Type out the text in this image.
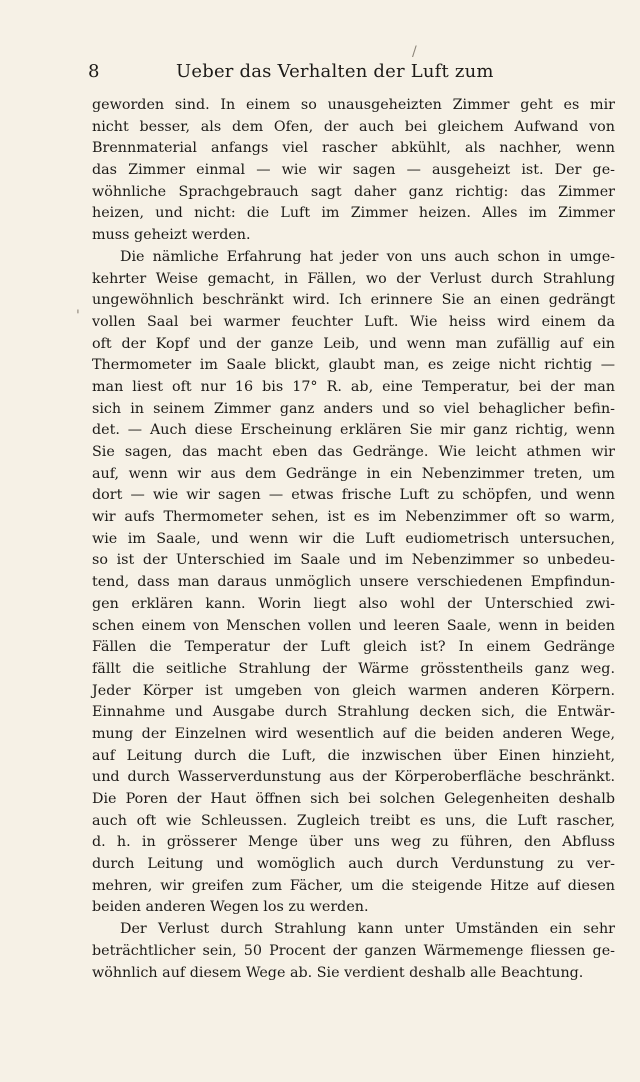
/
'
8	Ueber das Verhalten der Luft zum
geworden sind. In einem so unausgeheizten Zimmer geht es mir
nicht besser, als dem Ofen, der auch bei gleichem Aufwand von
Brennmaterial anfangs viel rascher abkühlt, als nachher, wenn
das Zimmer einmal — wie wir sagen — ausgeheizt ist. Der ge-
wöhnliche Sprachgebrauch sagt daher ganz richtig: das Zimmer
heizen, und nicht: die Luft im Zimmer heizen. Alles im Zimmer
muss geheizt werden.
Die nämliche Erfahrung hat jeder von uns auch schon in umge-
kehrter Weise gemacht, in Fällen, wo der Verlust durch Strahlung
ungewöhnlich beschränkt wird. Ich erinnere Sie an einen gedrängt
vollen Saal bei warmer feuchter Luft. Wie heiss wird einem da
oft der Kopf und der ganze Leib, und wenn man zufällig auf ein
Thermometer im Saale blickt, glaubt man, es zeige nicht richtig —
man liest oft nur 16 bis 17° R. ab, eine Temperatur, bei der man
sich in seinem Zimmer ganz anders und so viel behaglicher befin-
det. — Auch diese Erscheinung erklären Sie mir ganz richtig, wenn
Sie sagen, das macht eben das Gedränge. Wie leicht athmen wir
auf, wenn wir aus dem Gedränge in ein Nebenzimmer treten, um
dort — wie wir sagen — etwas frische Luft zu schöpfen, und wenn
wir aufs Thermometer sehen, ist es im Nebenzimmer oft so warm,
wie im Saale, und wenn wir die Luft eudiometrisch untersuchen,
so ist der Unterschied im Saale und im Nebenzimmer so unbedeu-
tend, dass man daraus unmöglich unsere verschiedenen Empfindun-
gen erklären kann. Worin liegt also wohl der Unterschied zwi-
schen einem von Menschen vollen und leeren Saale, wenn in beiden
Fällen die Temperatur der Luft gleich ist? In einem Gedränge
fällt die seitliche Strahlung der Wärme grösstentheils ganz weg.
Jeder Körper ist umgeben von gleich warmen anderen Körpern.
Einnahme und Ausgabe durch Strahlung decken sich, die Entwär-
mung der Einzelnen wird wesentlich auf die beiden anderen Wege,
auf Leitung durch die Luft, die inzwischen über Einen hinzieht,
und durch Wasserverdunstung aus der Körperoberfläche beschränkt.
Die Poren der Haut öffnen sich bei solchen Gelegenheiten deshalb
auch oft wie Schleussen. Zugleich treibt es uns, die Luft rascher,
d. h. in grösserer Menge über uns weg zu führen, den Abfluss
durch Leitung und womöglich auch durch Verdunstung zu ver-
mehren, wir greifen zum Fächer, um die steigende Hitze auf diesen
beiden anderen Wegen los zu werden.
Der Verlust durch Strahlung kann unter Umständen ein sehr
beträchtlicher sein, 50 Procent der ganzen Wärmemenge fliessen ge-
wöhnlich auf diesem Wege ab. Sie verdient deshalb alle Beachtung.
